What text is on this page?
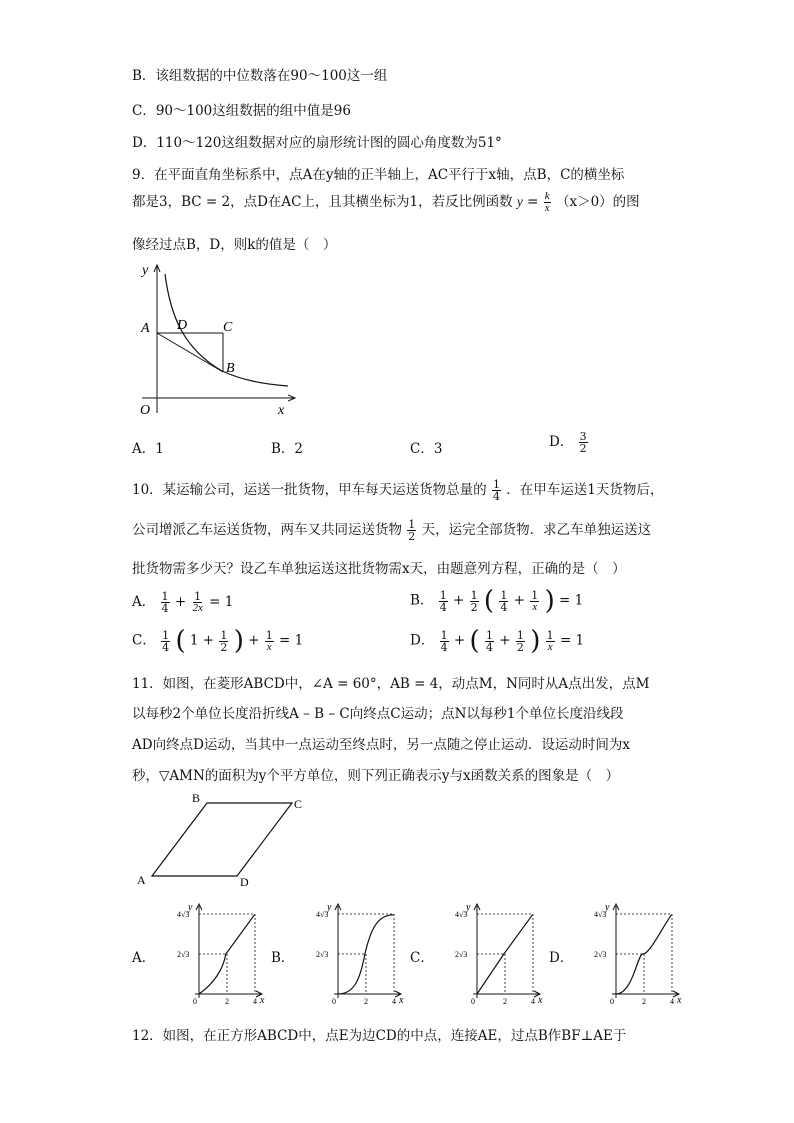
B．该组数据的中位数落在90～100这一组
C．90～100这组数据的组中值是96
D．110～120这组数据对应的扇形统计图的圆心角度数为51°
9．在平面直角坐标系中，点A在y轴的正半轴上，AC平行于x轴，点B，C的横坐标
都是3，BC = 2，点D在AC上，且其横坐标为1，若反比例函数 $y = \frac{k}{x} (x>0)$的图
像经过点B，D，则k的值是（　）
y
A D	C
B
O	x
A．1	B．2	C．3	D． $\frac{3}{2}$
10．某运输公司，运送一批货物，甲车每天运送货物总量的 $\frac{1}{4}$ ．在甲车运送1天货物后，
公司增派乙车运送货物，两车又共同运送货物 $\frac{1}{2}$ 天，运完全部货物．求乙车单独运送这
批货物需多少天？设乙车单独运送这批货物需x天，由题意列方程，正确的是（　）
A． $\frac{1}{4} + \frac{1}{2x} = 1$	B． $\frac{1}{4} + \frac{1}{2}$ ( $\frac{1}{4} + \frac{1}{x}$ ) = 1
C． $\frac{1}{4}$ ( $1 + \frac{1}{2}$ ) + $\frac{1}{x} = 1$	D． $\frac{1}{4}$ + ( $\frac{1}{4} + \frac{1}{2}$ ) $\frac{1}{x} = 1$
11．如图，在菱形ABCD中，∠A = 60°，AB = 4，动点M，N同时从A点出发，点M
以每秒2个单位长度沿折线A – B – C向终点C运动；点N以每秒1个单位长度沿线段
AD向终点D运动，当其中一点运动至终点时，另一点随之停止运动．设运动时间为x
秒，▽AMN的面积为y个平方单位，则下列正确表示y与x函数关系的图象是（　）
A
B	C
D
A．
y
x
4√3
2√3
0	2	4
B．
y
x
4√3
2√3
0	2	4
C．
y
x
4√3
2√3
0	2	4
D．
y
x
4√3
2√3
0	2	4
12．如图，在正方形ABCD中，点E为边CD的中点，连接AE，过点B作BF⊥AE于
